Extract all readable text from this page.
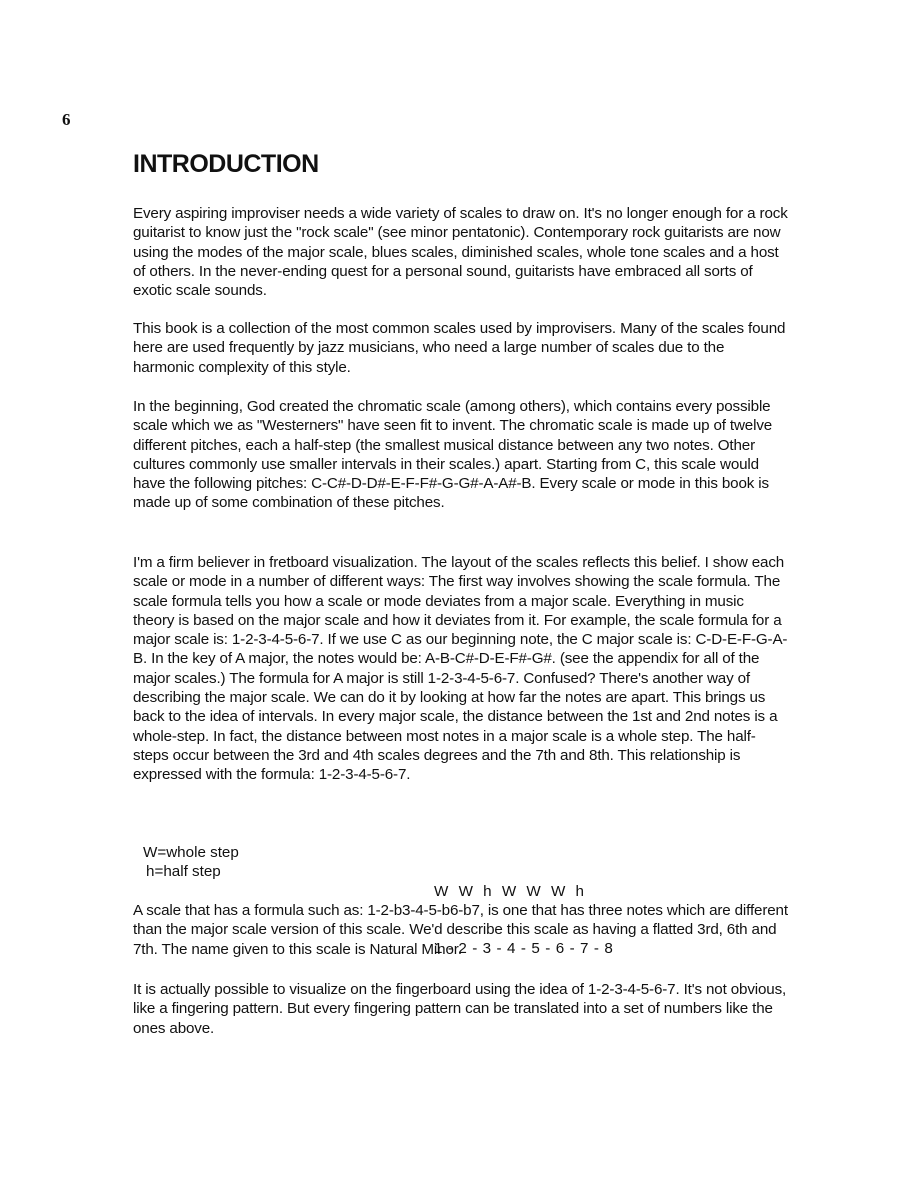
6
INTRODUCTION

Every aspiring improviser needs a wide variety of scales to draw on. It's no longer enough for a rock guitarist to know just the "rock scale" (see minor pentatonic). Contemporary rock guitarists are now using the modes of the major scale, blues scales, diminished scales, whole tone scales and a host of others. In the never-ending quest for a personal sound, guitarists have embraced all sorts of exotic scale sounds.

This book is a collection of the most common scales used by improvisers. Many of the scales found here are used frequently by jazz musicians, who need a large number of scales due to the harmonic complexity of this style.

In the beginning, God created the chromatic scale (among others), which contains every possible scale which we as "Westerners" have seen fit to invent. The chromatic scale is made up of twelve different pitches, each a half-step (the smallest musical distance between any two notes. Other cultures commonly use smaller intervals in their scales.) apart. Starting from C, this scale would have the following pitches: C-C#-D-D#-E-F-F#-G-G#-A-A#-B. Every scale or mode in this book is made up of some combination of these pitches.

I'm a firm believer in fretboard visualization. The layout of the scales reflects this belief. I show each scale or mode in a number of different ways: The first way involves showing the scale formula. The scale formula tells you how a scale or mode deviates from a major scale. Everything in music theory is based on the major scale and how it deviates from it. For example, the scale formula for a major scale is: 1-2-3-4-5-6-7. If we use C as our beginning note, the C major scale is: C-D-E-F-G-A-B. In the key of A major, the notes would be: A-B-C#-D-E-F#-G#. (see the appendix for all of the major scales.) The formula for A major is still 1-2-3-4-5-6-7. Confused? There's another way of describing the major scale. We can do it by looking at how far the notes are apart. This brings us back to the idea of intervals. In every major scale, the distance between the 1st and 2nd notes is a whole-step. In fact, the distance between most notes in a major scale is a whole step. The half-steps occur between the 3rd and 4th scales degrees and the 7th and 8th. This relationship is expressed with the formula: 1-2-3-4-5-6-7.

W=whole step
h=half step

W  W  h  W  W  W  h

1 - 2 - 3 - 4 - 5 - 6 - 7 - 8

A scale that has a formula such as: 1-2-b3-4-5-b6-b7, is one that has three notes which are different than the major scale version of this scale. We'd describe this scale as having a flatted 3rd, 6th and 7th. The name given to this scale is Natural Minor.

It is actually possible to visualize on the fingerboard using the idea of 1-2-3-4-5-6-7. It's not obvious, like a fingering pattern. But every fingering pattern can be translated into a set of numbers like the ones above.
